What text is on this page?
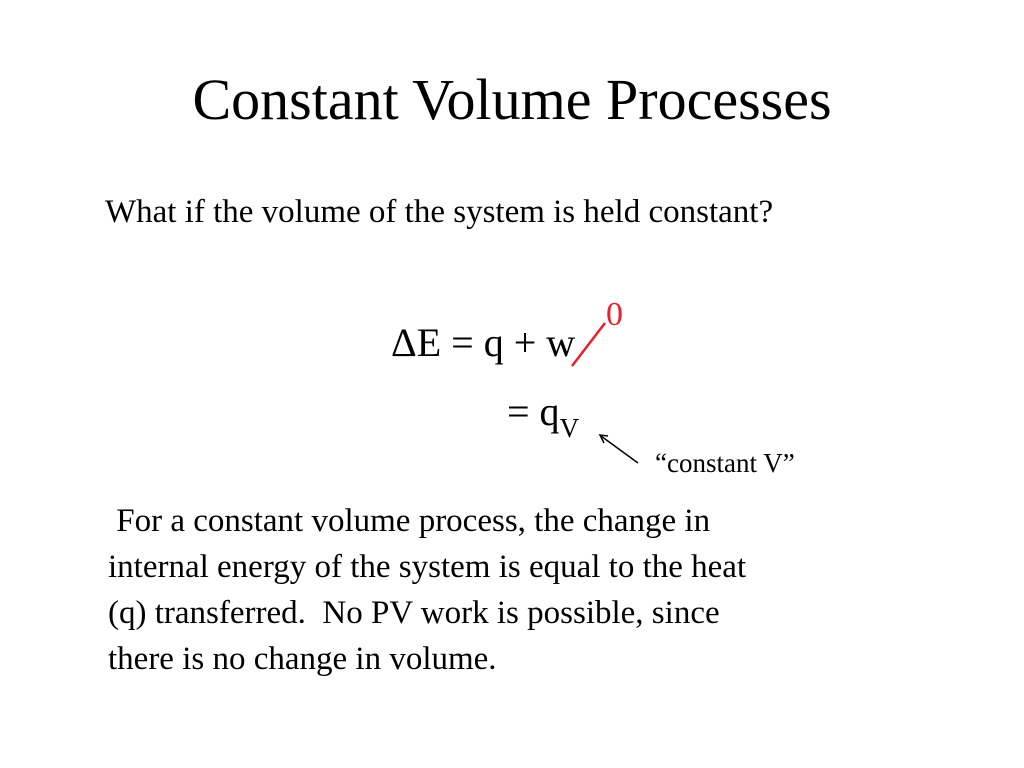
Constant Volume Processes
What if the volume of the system is held constant?
ΔE = q + w
0
= $q_V$
“constant V”
For a constant volume process, the change in
internal energy of the system is equal to the heat
(q) transferred.  No PV work is possible, since
there is no change in volume.
